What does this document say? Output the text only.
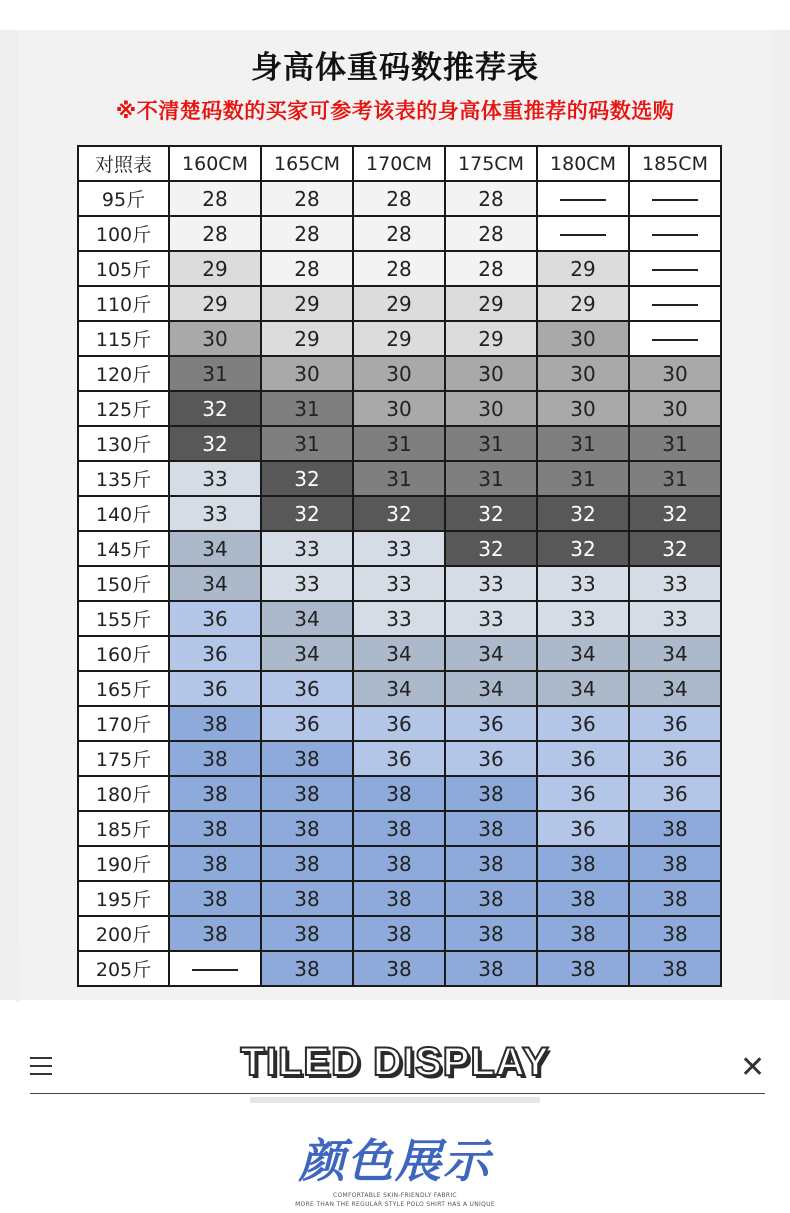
身高体重码数推荐表
※不清楚码数的买家可参考该表的身高体重推荐的码数选购
对照表	160CM	165CM	170CM	175CM	180CM	185CM
95斤	28	28	28	28		
100斤	28	28	28	28		
105斤	29	28	28	28	29	
110斤	29	29	29	29	29	
115斤	30	29	29	29	30	
120斤	31	30	30	30	30	30
125斤	32	31	30	30	30	30
130斤	32	31	31	31	31	31
135斤	33	32	31	31	31	31
140斤	33	32	32	32	32	32
145斤	34	33	33	32	32	32
150斤	34	33	33	33	33	33
155斤	36	34	33	33	33	33
160斤	36	34	34	34	34	34
165斤	36	36	34	34	34	34
170斤	38	36	36	36	36	36
175斤	38	38	36	36	36	36
180斤	38	38	38	38	36	36
185斤	38	38	38	38	36	38
190斤	38	38	38	38	38	38
195斤	38	38	38	38	38	38
200斤	38	38	38	38	38	38
205斤		38	38	38	38	38
TILED DISPLAY	✕
颜色展示
COMFORTABLE SKIN-FRIENDLY FABRIC
MORE THAN THE REGULAR STYLE POLO SHIRT HAS A UNIQUE
